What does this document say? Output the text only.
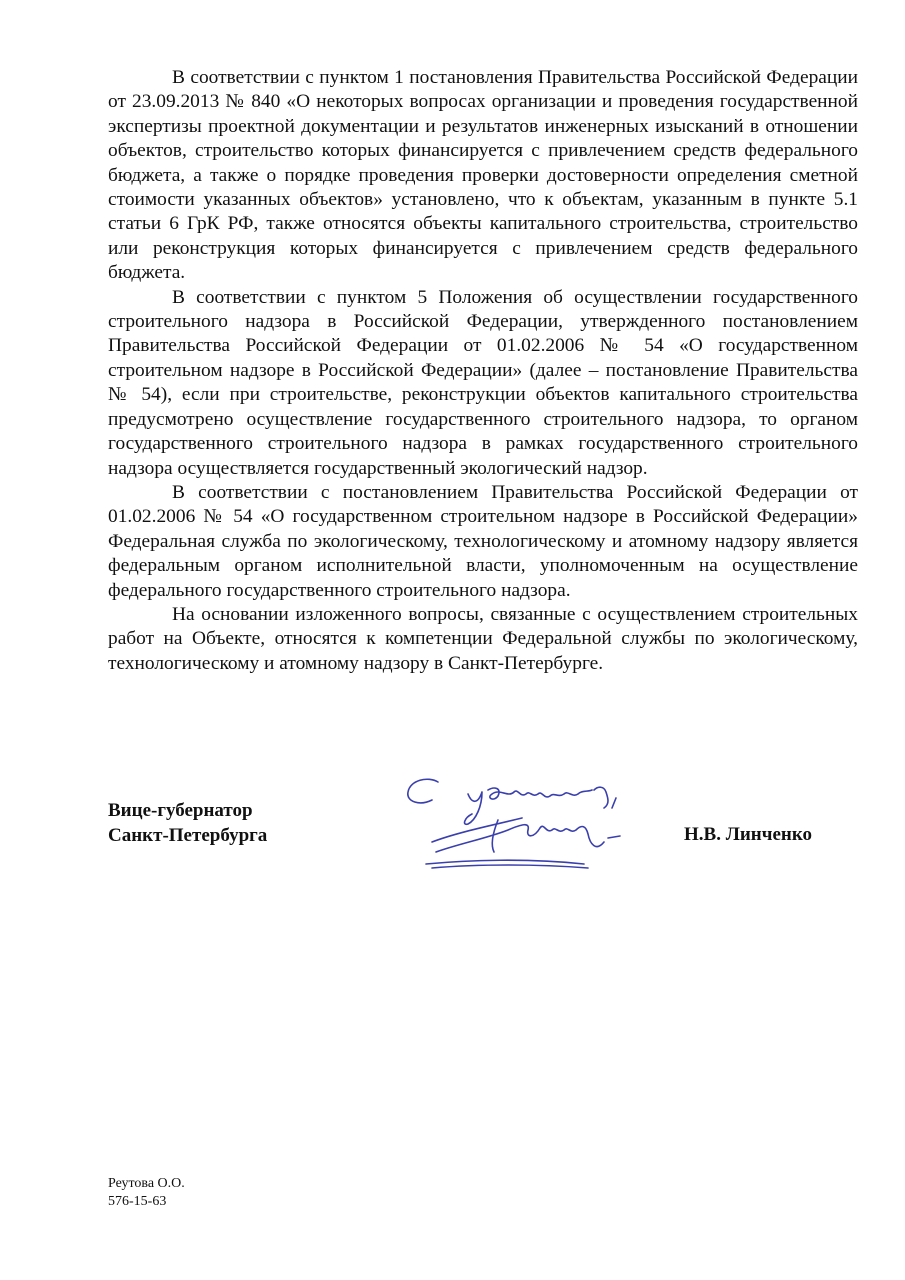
В соответствии с пунктом 1 постановления Правительства Российской Федерации от 23.09.2013 № 840 «О некоторых вопросах организации и проведения государственной экспертизы проектной документации и результатов инженерных изысканий в отношении объектов, строительство которых финансируется с привлечением средств федерального бюджета, а также о порядке проведения проверки достоверности определения сметной стоимости указанных объектов» установлено, что к объектам, указанным в пункте 5.1 статьи 6 ГрК РФ, также относятся объекты капитального строительства, строительство или реконструкция которых финансируется с привлечением средств федерального бюджета.

В соответствии с пунктом 5 Положения об осуществлении государственного строительного надзора в Российской Федерации, утвержденного постановлением Правительства Российской Федерации от 01.02.2006 № 54 «О государственном строительном надзоре в Российской Федерации» (далее – постановление Правительства № 54), если при строительстве, реконструкции объектов капитального строительства предусмотрено осуществление государственного строительного надзора, то органом государственного строительного надзора в рамках государственного строительного надзора осуществляется государственный экологический надзор.

В соответствии с постановлением Правительства Российской Федерации от 01.02.2006 № 54 «О государственном строительном надзоре в Российской Федерации» Федеральная служба по экологическому, технологическому и атомному надзору является федеральным органом исполнительной власти, уполномоченным на осуществление федерального государственного строительного надзора.

На основании изложенного вопросы, связанные с осуществлением строительных работ на Объекте, относятся к компетенции Федеральной службы по экологическому, технологическому и атомному надзору в Санкт-Петербурге.

Вице-губернатор
Санкт-Петербурга	Н.В. Линченко
Реутова О.О.
576-15-63
